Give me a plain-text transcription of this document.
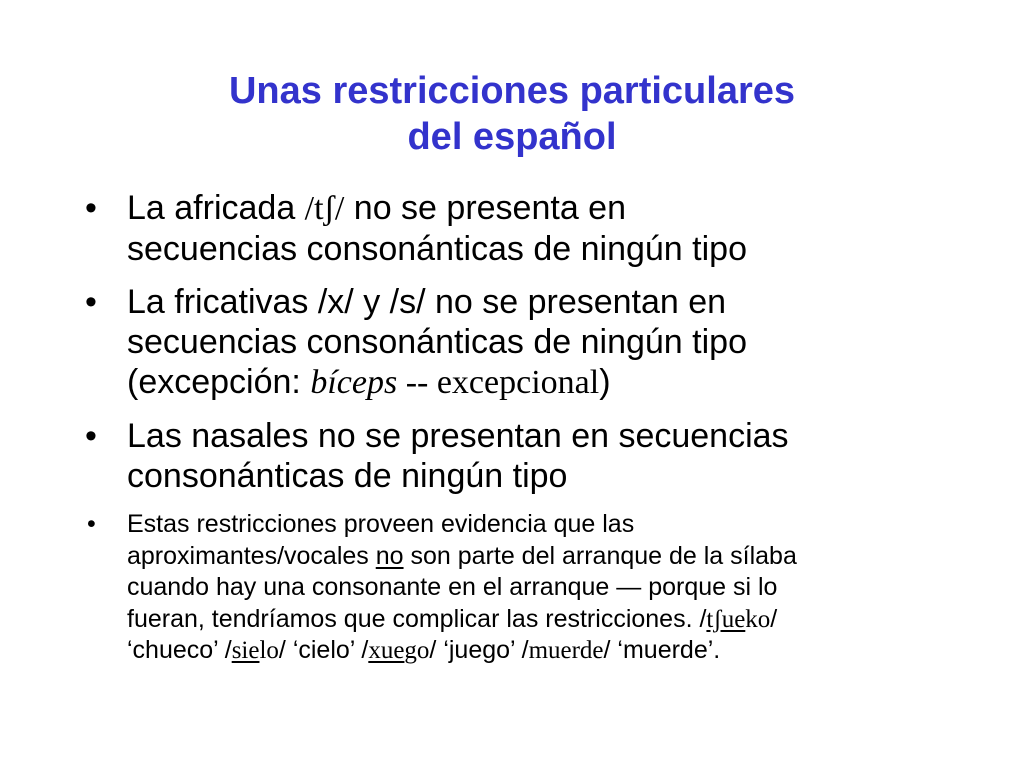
Unas restricciones particulares
del español
• La africada /tʃ/ no se presenta en
secuencias consonánticas de ningún tipo
• La fricativas /x/ y /s/ no se presentan en
secuencias consonánticas de ningún tipo
(excepción: bíceps -- excepcional)
• Las nasales no se presentan en secuencias
consonánticas de ningún tipo
• Estas restricciones proveen evidencia que las
aproximantes/vocales no son parte del arranque de la sílaba
cuando hay una consonante en el arranque — porque si lo
fueran, tendríamos que complicar las restricciones. /tʃueko/
‘chueco’ /sielo/ ‘cielo’ /xuego/ ‘juego’ /muerde/ ‘muerde’.
